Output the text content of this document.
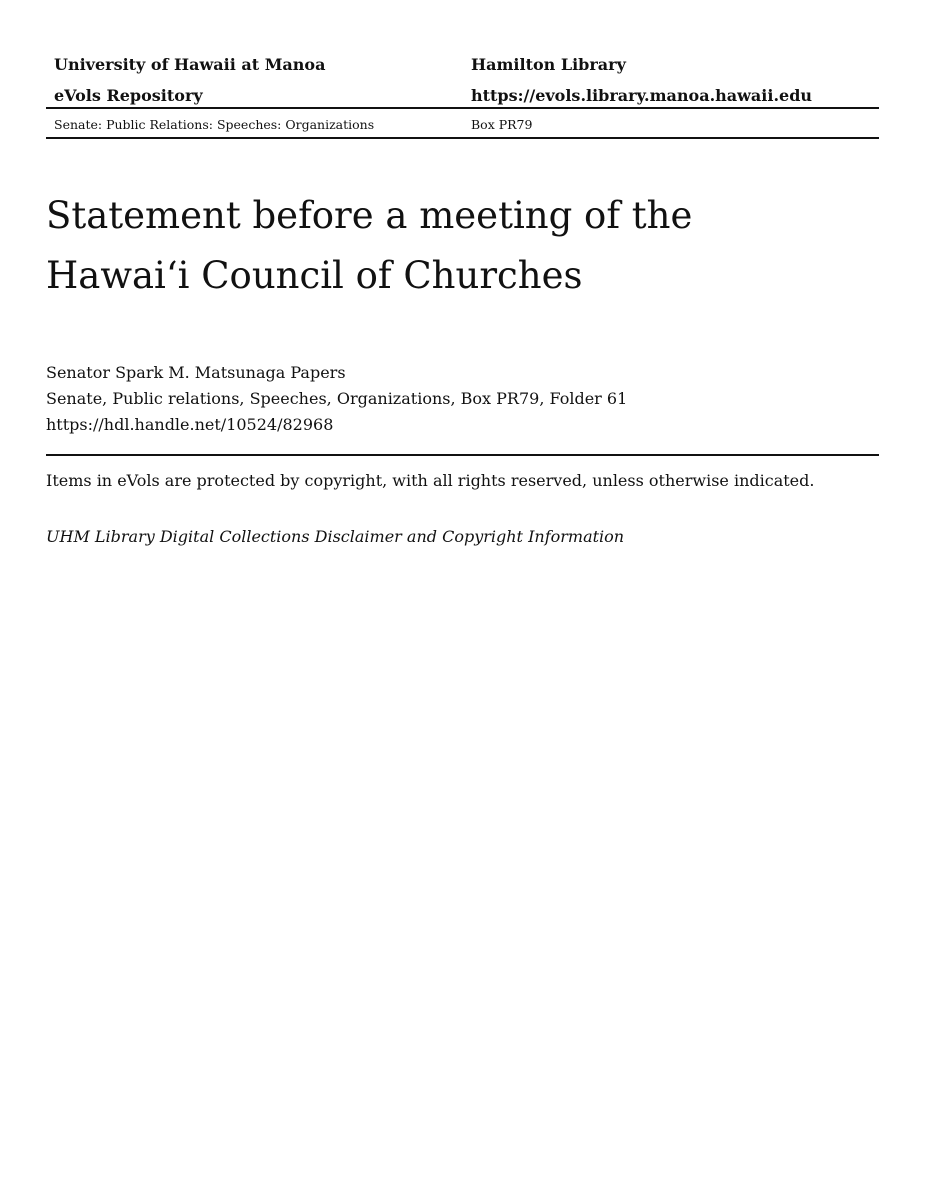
University of Hawaii at Manoa	Hamilton Library
eVols Repository	https://evols.library.manoa.hawaii.edu
Senate: Public Relations: Speeches: Organizations	Box PR79
Statement before a meeting of the
Hawai‘i Council of Churches
Senator Spark M. Matsunaga Papers
Senate, Public relations, Speeches, Organizations, Box PR79, Folder 61
https://hdl.handle.net/10524/82968
Items in eVols are protected by copyright, with all rights reserved, unless otherwise indicated.
UHM Library Digital Collections Disclaimer and Copyright Information
